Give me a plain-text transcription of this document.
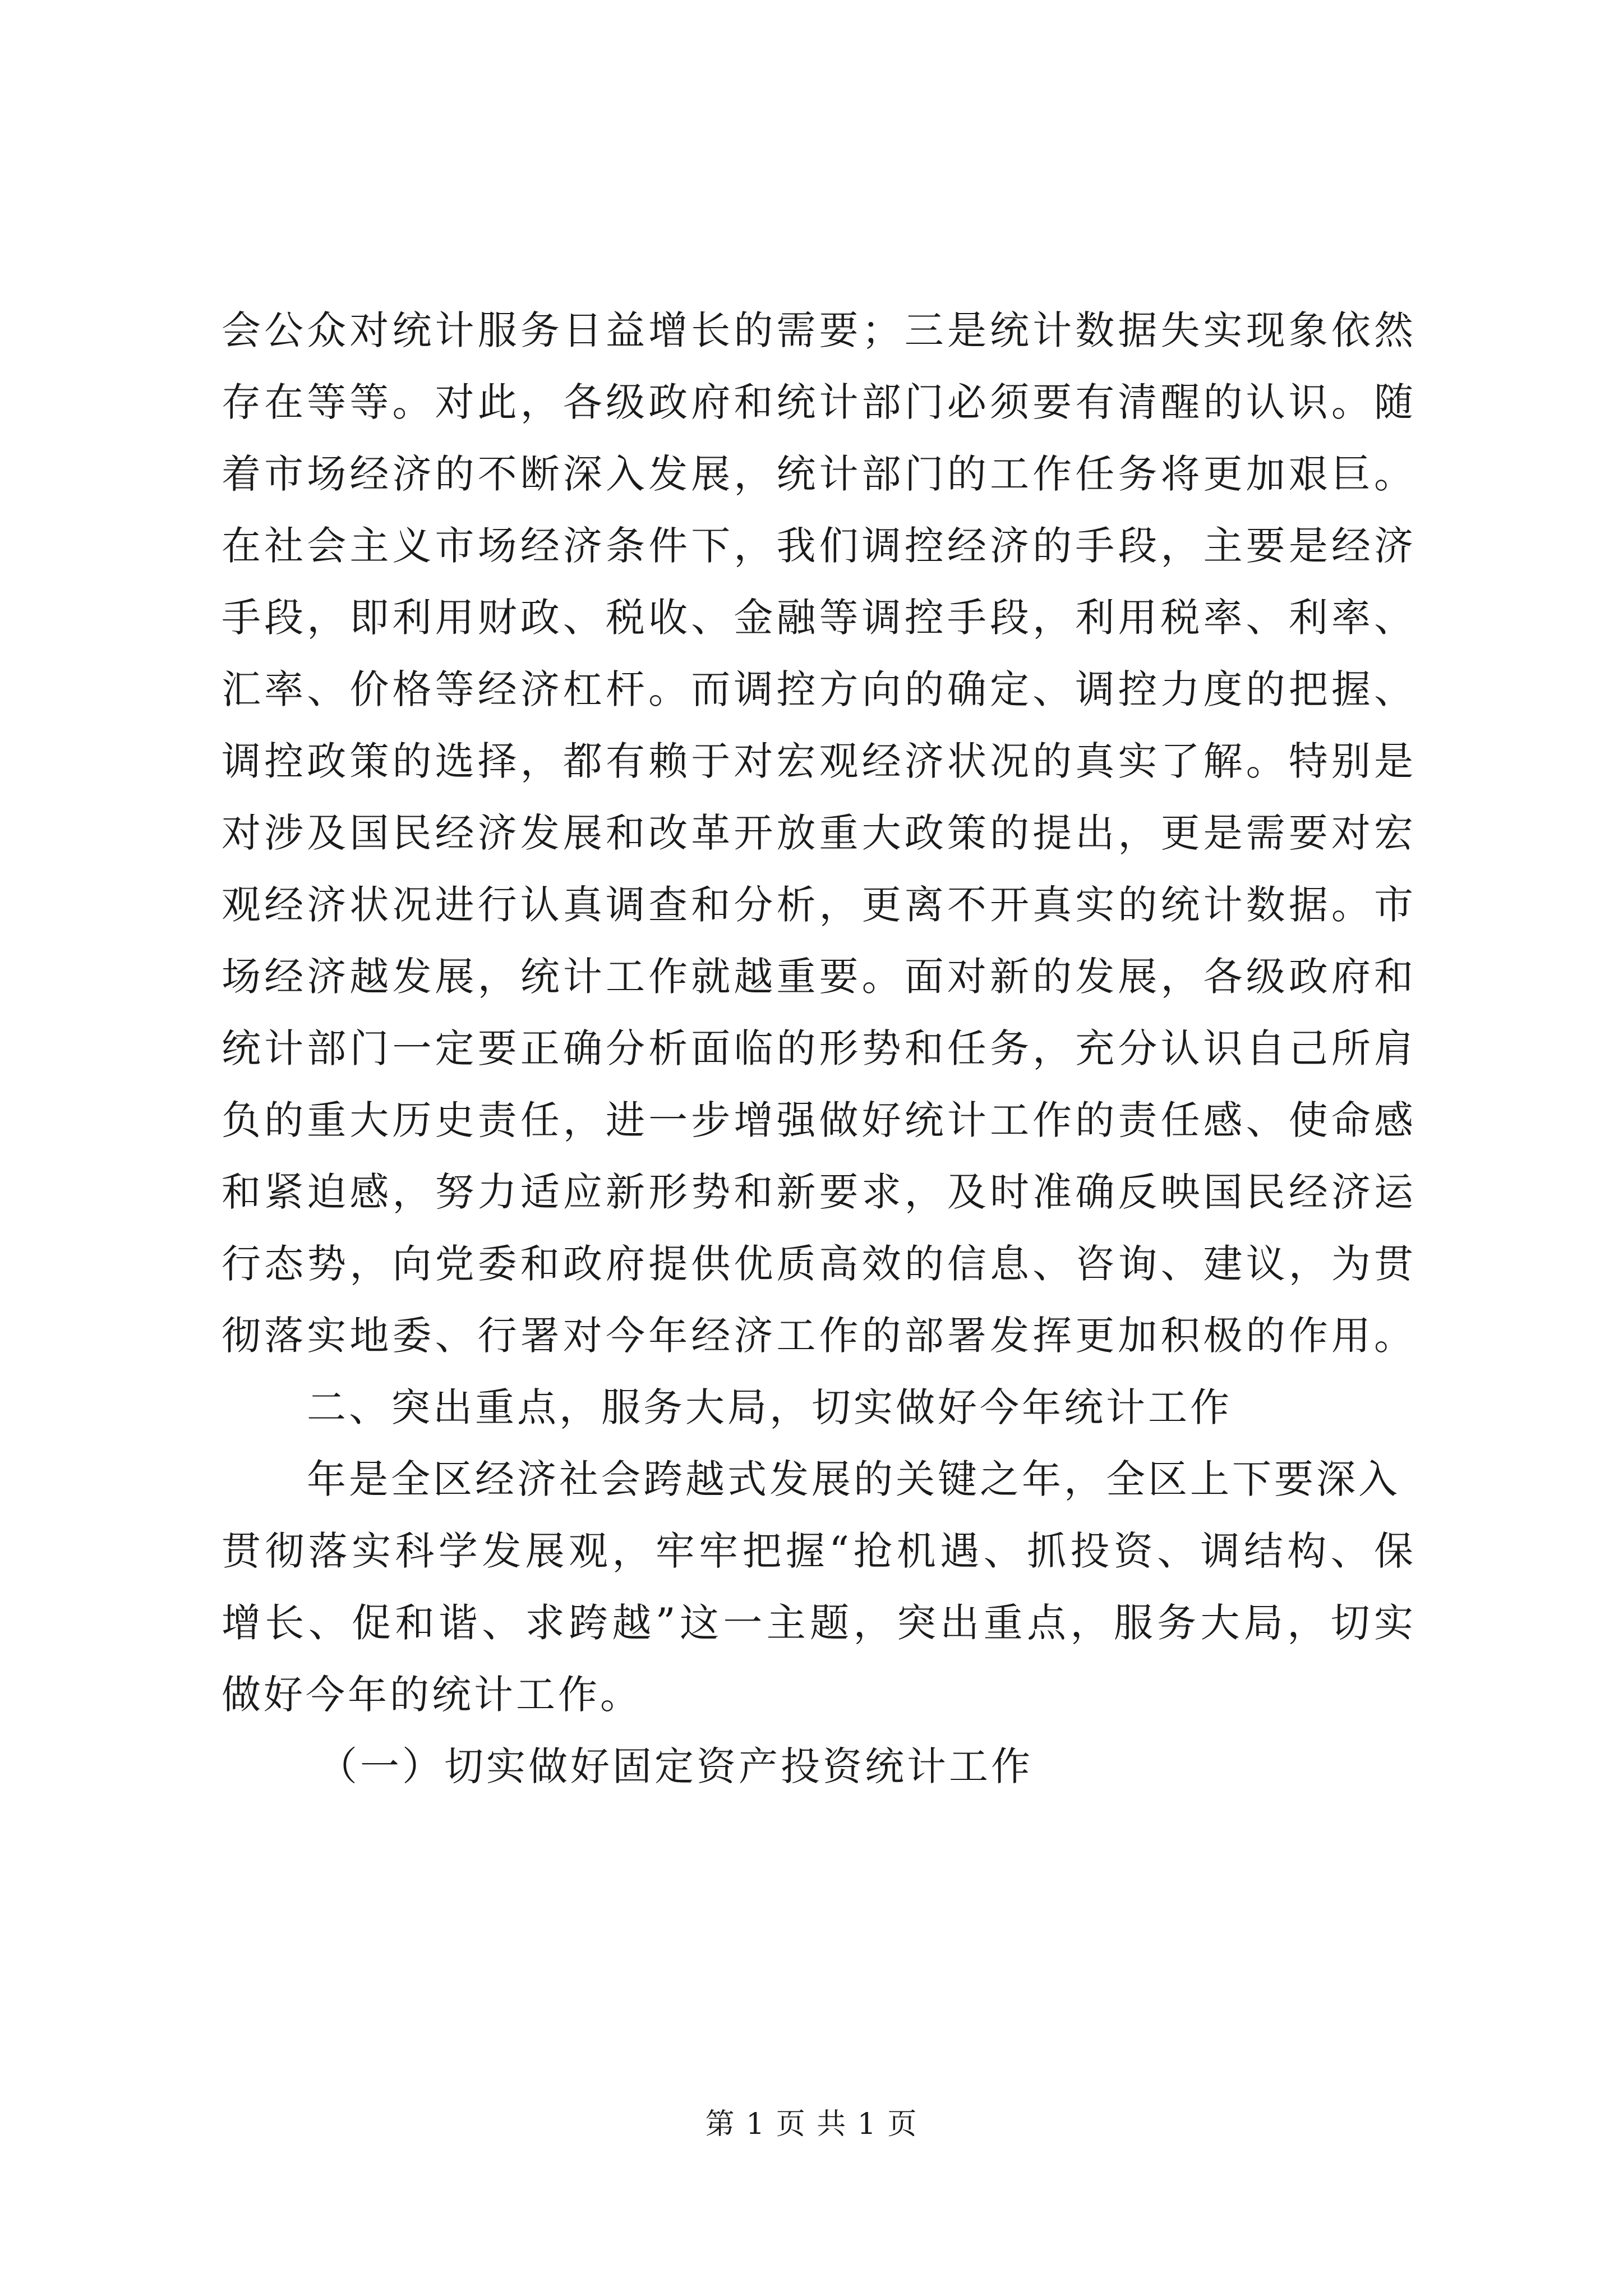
会公众对统计服务日益增长的需要；三是统计数据失实现象依然
存在等等。对此，各级政府和统计部门必须要有清醒的认识。随
着市场经济的不断深入发展，统计部门的工作任务将更加艰巨。
在社会主义市场经济条件下，我们调控经济的手段，主要是经济
手段，即利用财政、税收、金融等调控手段，利用税率、利率、
汇率、价格等经济杠杆。而调控方向的确定、调控力度的把握、
调控政策的选择，都有赖于对宏观经济状况的真实了解。特别是
对涉及国民经济发展和改革开放重大政策的提出，更是需要对宏
观经济状况进行认真调查和分析，更离不开真实的统计数据。市
场经济越发展，统计工作就越重要。面对新的发展，各级政府和
统计部门一定要正确分析面临的形势和任务，充分认识自己所肩
负的重大历史责任，进一步增强做好统计工作的责任感、使命感
和紧迫感，努力适应新形势和新要求，及时准确反映国民经济运
行态势，向党委和政府提供优质高效的信息、咨询、建议，为贯
彻落实地委、行署对今年经济工作的部署发挥更加积极的作用。
二、突出重点，服务大局，切实做好今年统计工作
年是全区经济社会跨越式发展的关键之年，全区上下要深入
贯彻落实科学发展观，牢牢把握“抢机遇、抓投资、调结构、保
增长、促和谐、求跨越”这一主题，突出重点，服务大局，切实
做好今年的统计工作。
（一）切实做好固定资产投资统计工作
第 1 页 共 1 页
